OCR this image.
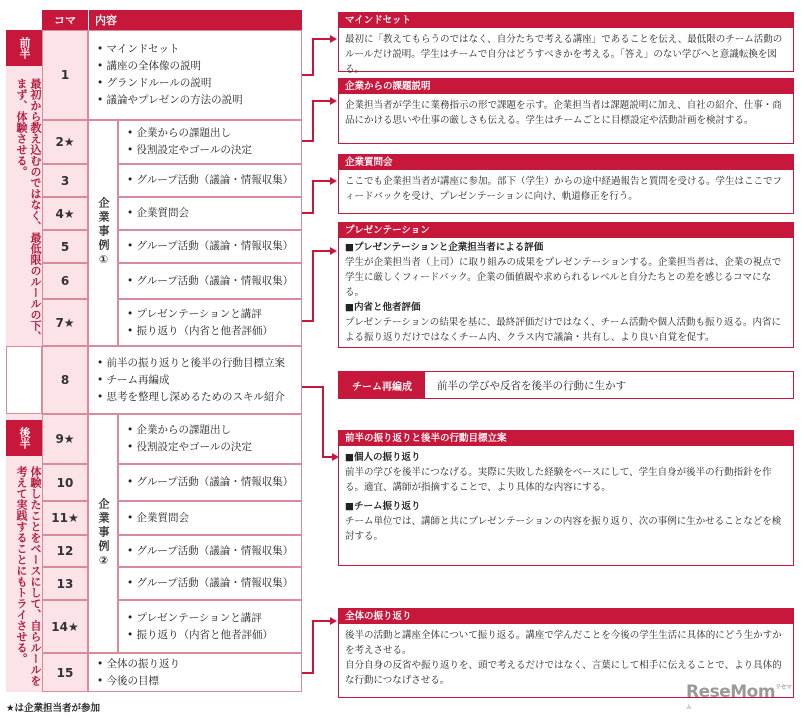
コマ	内容
前半
最初から教え込むのではなく、最低限のルールの下、まず、体験させる。
後半
体験したことをベースにして、自らルールを考えて実践することにもトライさせる。
1
• マインドセット
• 講座の全体像の説明
• グランドルールの説明
• 議論やプレゼンの方法の説明
企業事例①
2★
• 企業からの課題出し
• 役割設定やゴールの決定
3	• グループ活動（議論・情報収集）
4★	• 企業質問会
5	• グループ活動（議論・情報収集）
6	• グループ活動（議論・情報収集）
7★
• プレゼンテーションと講評
• 振り返り（内省と他者評価）
8
• 前半の振り返りと後半の行動目標立案
• チーム再編成
• 思考を整理し深めるためのスキル紹介
企業事例②
9★
• 企業からの課題出し
• 役割設定やゴールの決定
10	• グループ活動（議論・情報収集）
11★	• 企業質問会
12	• グループ活動（議論・情報収集）
13	• グループ活動（議論・情報収集）
14★
• プレゼンテーションと講評
• 振り返り（内省と他者評価）
15
• 全体の振り返り
• 今後の目標
★は企業担当者が参加
マインドセット
最初に「教えてもらうのではなく、自分たちで考える講座」であることを伝え、最低限のチーム活動のルールだけ説明。学生はチームで自分はどうすべきかを考える。「答え」のない学びへと意識転換を図る。
企業からの課題説明
企業担当者が学生に業務指示の形で課題を示す。企業担当者は課題説明に加え、自社の紹介、仕事・商品にかける思いや仕事の厳しさも伝える。学生はチームごとに目標設定や活動計画を検討する。
企業質問会
ここでも企業担当者が講座に参加。部下（学生）からの途中経過報告と質問を受ける。学生はここでフィードバックを受け、プレゼンテーションに向け、軌道修正を行う。
プレゼンテーション
■ プレゼンテーションと企業担当者による評価
学生が企業担当者（上司）に取り組みの成果をプレゼンテーションする。企業担当者は、企業の視点で学生に厳しくフィードバック。企業の価値観や求められるレベルと自分たちとの差を感じるコマになる。
■ 内省と他者評価
プレゼンテーションの結果を基に、最終評価だけではなく、チーム活動や個人活動も振り返る。内省による振り返りだけではなくチーム内、クラス内で議論・共有し、より良い自覚を促す。
チーム再編成	前半の学びや反省を後半の行動に生かす
前半の振り返りと後半の行動目標立案
■ 個人の振り返り
前半の学びを後半につなげる。実際に失敗した経験をベースにして、学生自身が後半の行動指針を作る。適宜、講師が指摘することで、より具体的な内容にする。
■ チーム振り返り
チーム単位では、講師と共にプレゼンテーションの内容を振り返り、次の事例に生かせることなどを検討する。
全体の振り返り
後半の活動と講座全体について振り返る。講座で学んだことを今後の学生生活に具体的にどう生かすかを考えさせる。
自分自身の反省や振り返りを、頭で考えるだけではなく、言葉にして相手に伝えることで、より具体的な行動につなげさせる。
ReseMom$^{リセマム}$
